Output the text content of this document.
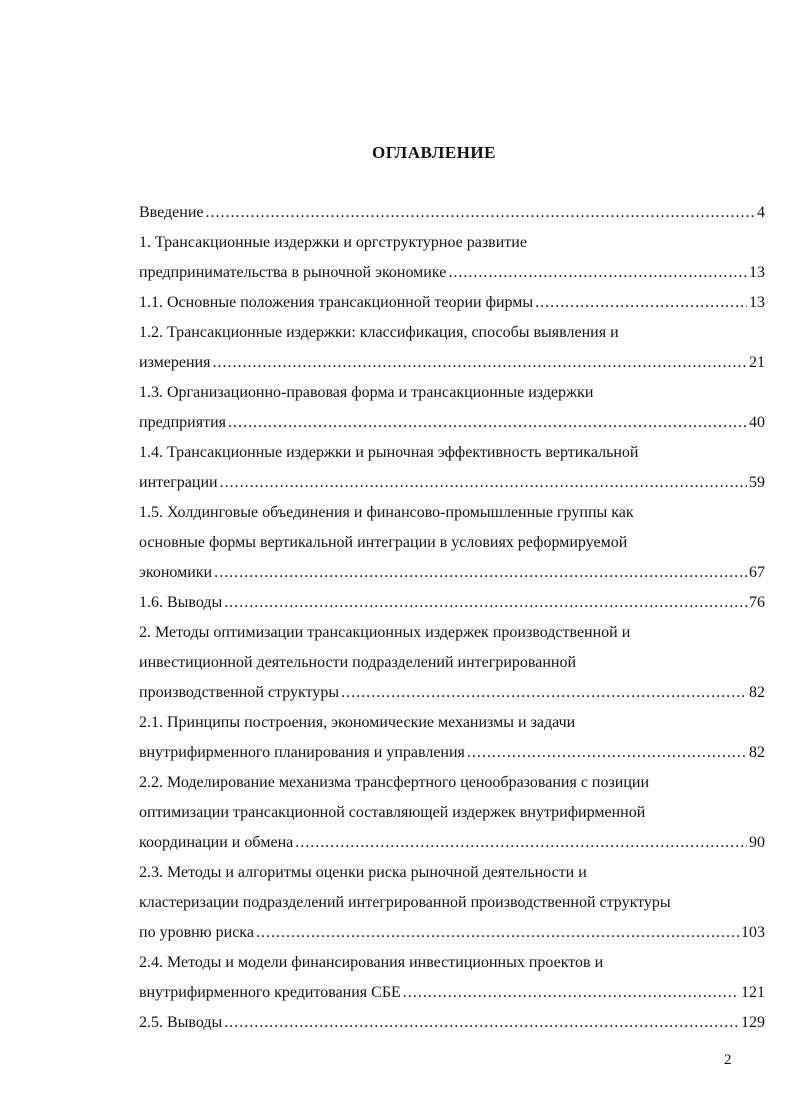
ОГЛАВЛЕНИЕ
Введение .....	4
1. Трансакционные издержки и оргструктурное развитие
предпринимательства в рыночной экономике .....	13
1.1. Основные положения трансакционной теории фирмы .....	13
1.2. Трансакционные издержки: классификация, способы выявления и
измерения .....	21
1.3. Организационно-правовая форма и трансакционные издержки
предприятия .....	40
1.4. Трансакционные издержки и рыночная эффективность вертикальной
интеграции .....	59
1.5. Холдинговые объединения и финансово-промышленные группы как
основные формы вертикальной интеграции в условиях реформируемой
экономики .....	67
1.6. Выводы .....	76
2. Методы оптимизации трансакционных издержек производственной и
инвестиционной деятельности подразделений интегрированной
производственной структуры .....	82
2.1. Принципы построения, экономические механизмы и задачи
внутрифирменного планирования и управления .....	82
2.2. Моделирование механизма трансфертного ценообразования с позиции
оптимизации трансакционной составляющей издержек внутрифирменной
координации и обмена .....	90
2.3. Методы и алгоритмы оценки риска рыночной деятельности и
кластеризации подразделений интегрированной производственной структуры
по уровню риска .....	103
2.4. Методы и модели финансирования инвестиционных проектов и
внутрифирменного кредитования СБЕ .....	121
2.5. Выводы .....	129
2
